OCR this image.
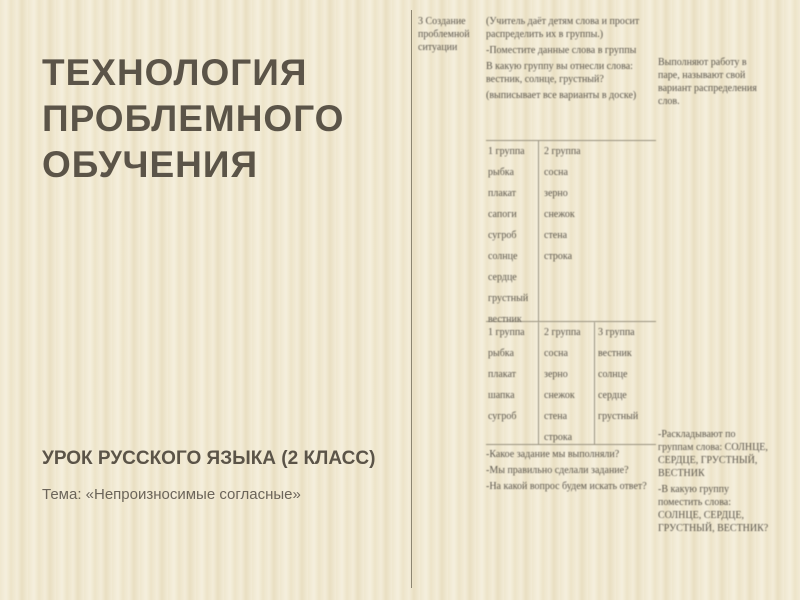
ТЕХНОЛОГИЯ ПРОБЛЕМНОГО ОБУЧЕНИЯ
УРОК РУССКОГО ЯЗЫКА (2 КЛАСС)
Тема: «Непроизносимые согласные»
3 Создание проблемной ситуации

(Учитель даёт детям слова и просит распределить их в группы.)

-Поместите данные слова в группы

В какую группу вы отнесли слова: вестник, солнце, грустный?

(выписывает все варианты в доске)

Выполняют работу в паре, называют свой вариант распределения слов.
1 группа
рыбка
плакат
сапоги
сугроб
солнце
сердце
грустный
вестник
2 группа
сосна
зерно
снежок
стена
строка
1 группа
рыбка
плакат
шапка
сугроб
2 группа
сосна
зерно
снежок
стена
строка
3 группа
вестник
солнце
сердце
грустный

-Какое задание мы выполняли?

-Мы правильно сделали задание?

-На какой вопрос будем искать ответ?

-Раскладывают по группам слова: СОЛНЦЕ, СЕРДЦЕ, ГРУСТНЫЙ, ВЕСТНИК

-В какую группу поместить слова: СОЛНЦЕ, СЕРДЦЕ, ГРУСТНЫЙ, ВЕСТНИК?
